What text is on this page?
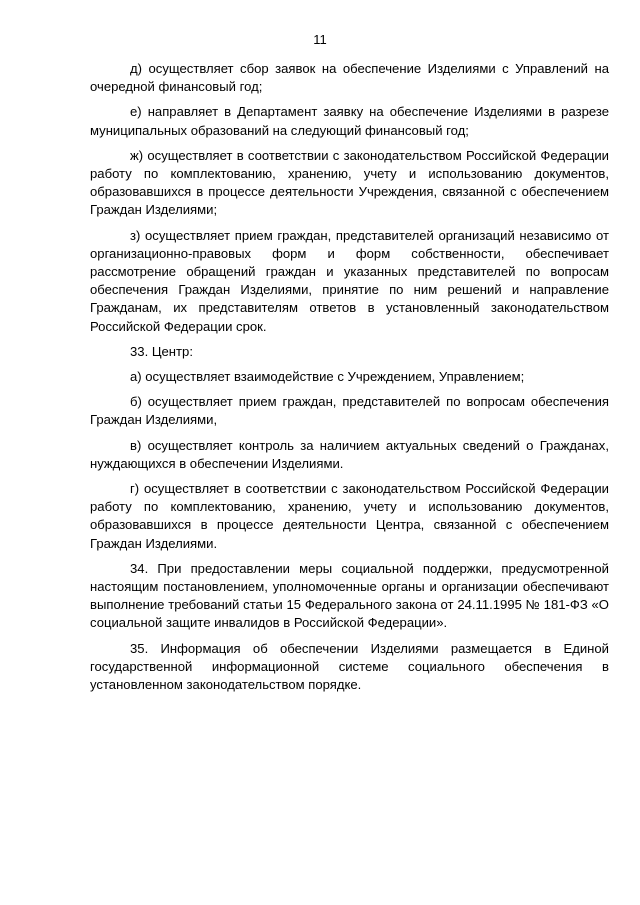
11

д) осуществляет сбор заявок на обеспечение Изделиями с Управлений на очередной финансовый год;

е) направляет в Департамент заявку на обеспечение Изделиями в разрезе муниципальных образований на следующий финансовый год;

ж) осуществляет в соответствии с законодательством Российской Федерации работу по комплектованию, хранению, учету и использованию документов, образовавшихся в процессе деятельности Учреждения, связанной с обеспечением Граждан Изделиями;

з) осуществляет прием граждан, представителей организаций независимо от организационно-правовых форм и форм собственности, обеспечивает рассмотрение обращений граждан и указанных представителей по вопросам обеспечения Граждан Изделиями, принятие по ним решений и направление Гражданам, их представителям ответов в установленный законодательством Российской Федерации срок.

33. Центр:

а) осуществляет взаимодействие с Учреждением, Управлением;

б) осуществляет прием граждан, представителей по вопросам обеспечения Граждан Изделиями,

в) осуществляет контроль за наличием актуальных сведений о Гражданах, нуждающихся в обеспечении Изделиями.

г) осуществляет в соответствии с законодательством Российской Федерации работу по комплектованию, хранению, учету и использованию документов, образовавшихся в процессе деятельности Центра, связанной с обеспечением Граждан Изделиями.

34. При предоставлении меры социальной поддержки, предусмотренной настоящим постановлением, уполномоченные органы и организации обеспечивают выполнение требований статьи 15 Федерального закона от 24.11.1995 № 181-ФЗ «О социальной защите инвалидов в Российской Федерации».

35. Информация об обеспечении Изделиями размещается в Единой государственной информационной системе социального обеспечения в установленном законодательством порядке.
